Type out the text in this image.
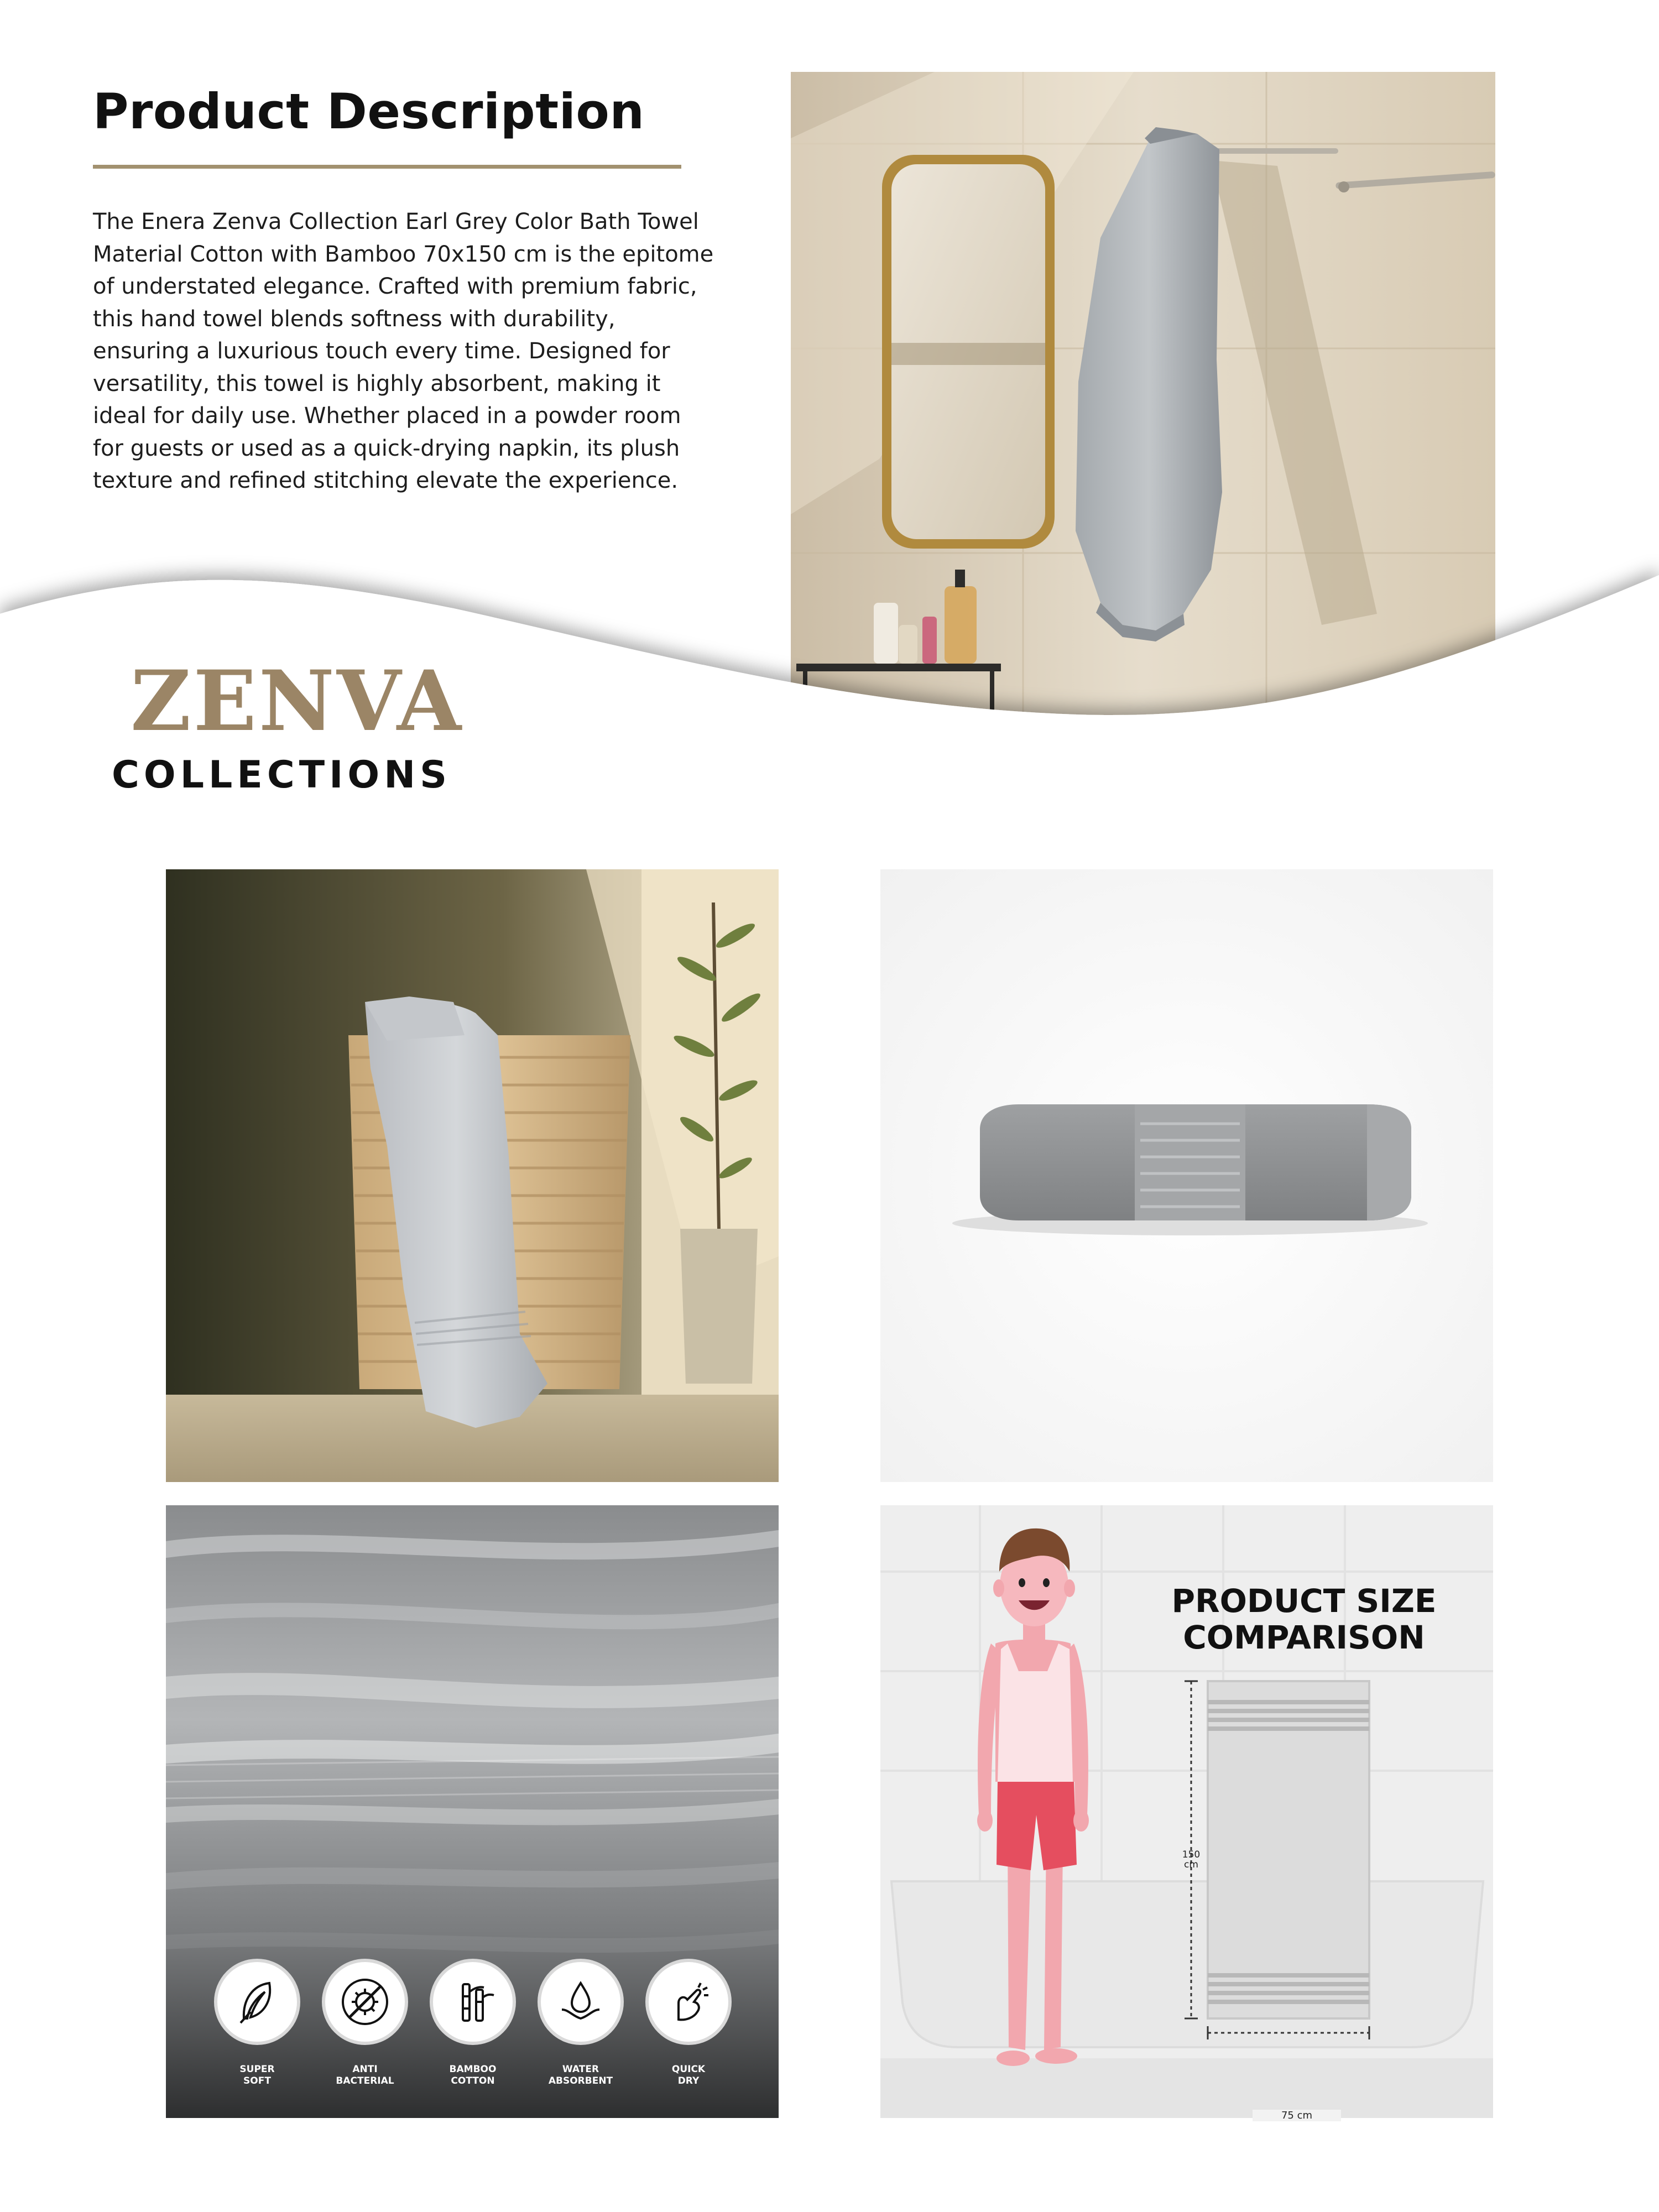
Product Description

The Enera Zenva Collection Earl Grey Color Bath Towel Material Cotton with Bamboo 70x150 cm is the epitome of understated elegance. Crafted with premium fabric, this hand towel blends softness with durability, ensuring a luxurious touch every time. Designed for versatility, this towel is highly absorbent, making it ideal for daily use. Whether placed in a powder room for guests or used as a quick-drying napkin, its plush texture and refined stitching elevate the experience.

ZENVA
COLLECTIONS
SUPER
SOFT
ANTI
BACTERIAL
BAMBOO
COTTON
WATER
ABSORBENT
QUICK
DRY
PRODUCT SIZE
COMPARISON
150
cm
75 cm
